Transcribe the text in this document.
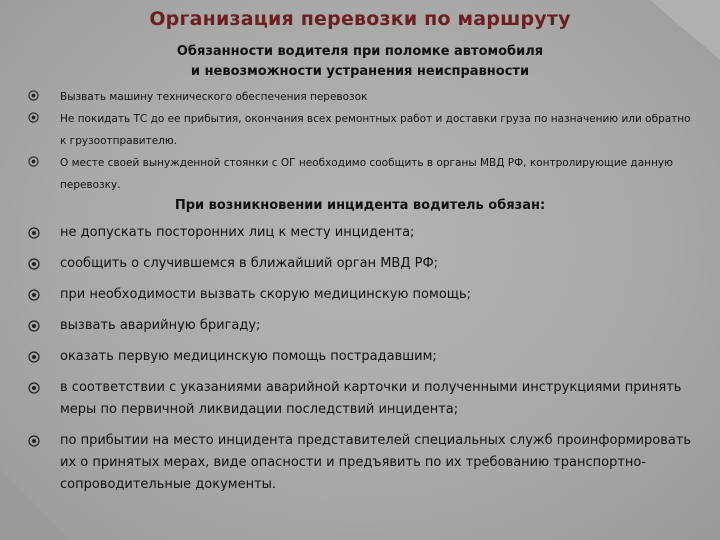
Организация перевозки по маршруту
Обязанности водителя при поломке автомобиля
и невозможности устранения неисправности
Вызвать машину технического обеспечения перевозок
Не покидать ТС до ее прибытия, окончания всех ремонтных работ и доставки груза по назначению или обратно к грузоотправителю.
О месте своей вынужденной стоянки с ОГ необходимо сообщить в органы МВД РФ, контролирующие данную перевозку.
При возникновении инцидента водитель обязан:
не допускать посторонних лиц к месту инцидента;
сообщить о случившемся в ближайший орган МВД РФ;
при необходимости вызвать скорую медицинскую помощь;
вызвать аварийную бригаду;
оказать первую медицинскую помощь пострадавшим;
в соответствии с указаниями аварийной карточки и полученными инструкциями принять меры по первичной ликвидации последствий инцидента;
по прибытии на место инцидента представителей специальных служб проинформировать их о принятых мерах, виде опасности и предъявить по их требованию транспортно-сопроводительные документы.
